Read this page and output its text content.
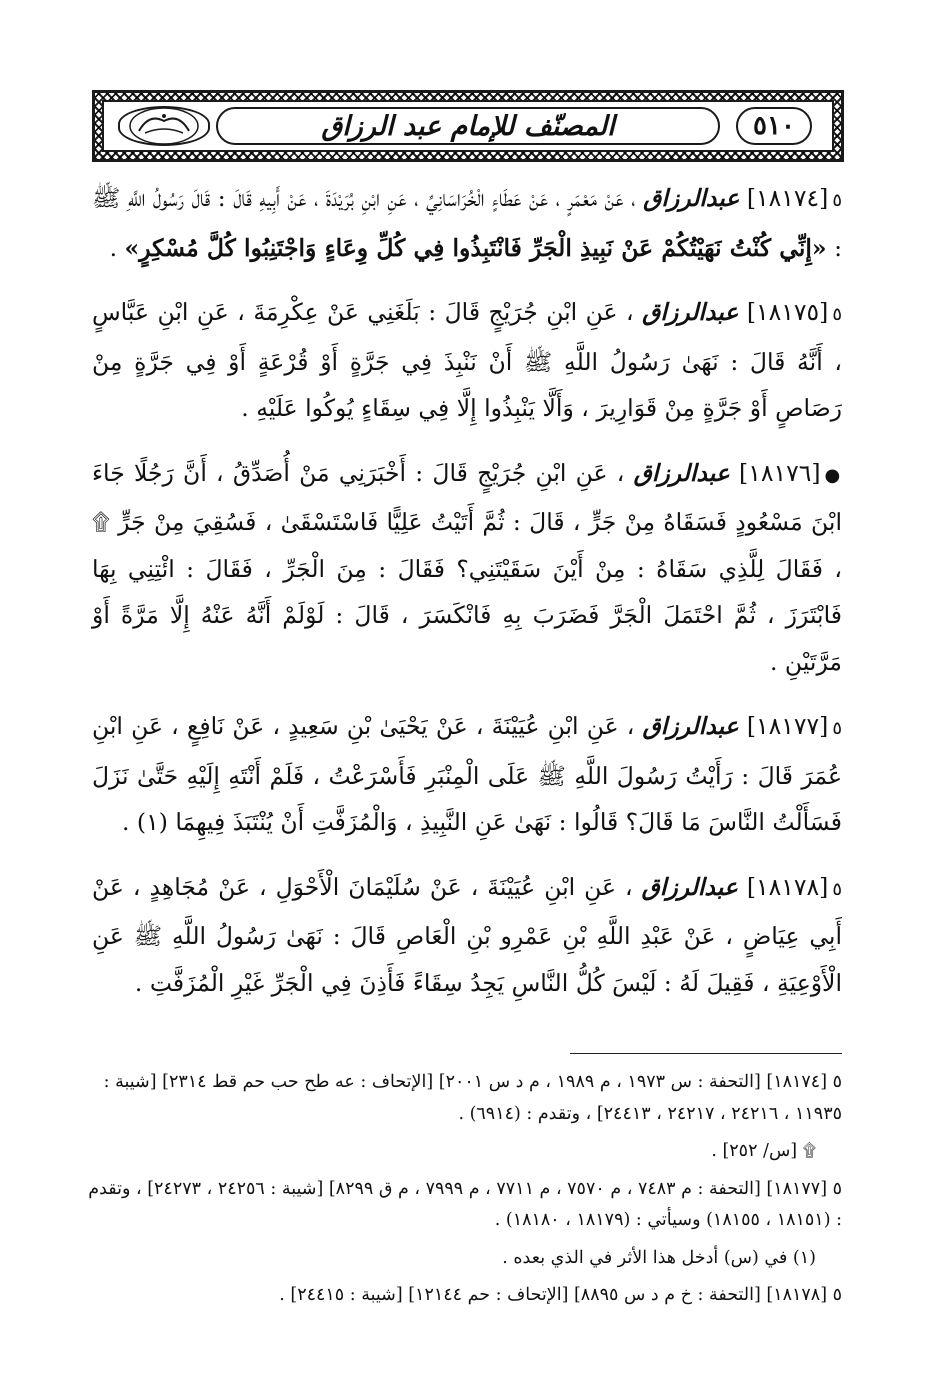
٥١٠
المصنّف للإمام عبد الرزاق

٥[١٨١٧٤] عبدالرزاق ، عَنْ مَعْمَرٍ ، عَنْ عَطَاءٍ الْخُرَاسَانِيِّ ، عَنِ ابْنِ بُرَيْدَةَ ، عَنْ أَبِيهِ قَالَ : قَالَ رَسُولُ اللَّهِ ﷺ : «إِنِّي كُنْتُ نَهَيْتُكُمْ عَنْ نَبِيذِ الْجَرِّ فَانْتَبِذُوا فِي كُلِّ وِعَاءٍ وَاجْتَنِبُوا كُلَّ مُسْكِرٍ» .

٥[١٨١٧٥] عبدالرزاق ، عَنِ ابْنِ جُرَيْجٍ قَالَ : بَلَغَنِي عَنْ عِكْرِمَةَ ، عَنِ ابْنِ عَبَّاسٍ ، أَنَّهُ قَالَ : نَهَىٰ رَسُولُ اللَّهِ ﷺ أَنْ نَنْبِذَ فِي جَرَّةٍ أَوْ قُرْعَةٍ أَوْ فِي جَرَّةٍ مِنْ رَصَاصٍ أَوْ جَرَّةٍ مِنْ قَوَارِيرَ ، وَأَلَّا يَنْبِذُوا إِلَّا فِي سِقَاءٍ يُوكُوا عَلَيْهِ .

●[١٨١٧٦] عبدالرزاق ، عَنِ ابْنِ جُرَيْجٍ قَالَ : أَخْبَرَنِي مَنْ أُصَدِّقُ ، أَنَّ رَجُلًا جَاءَ ابْنَ مَسْعُودٍ فَسَقَاهُ مِنْ جَرٍّ ، قَالَ : ثُمَّ أَتَيْتُ عَلِيًّا فَاسْتَسْقَىٰ ، فَسُقِيَ مِنْ جَرٍّ ۩ ، فَقَالَ لِلَّذِي سَقَاهُ : مِنْ أَيْنَ سَقَيْتَنِي؟ فَقَالَ : مِنَ الْجَرِّ ، فَقَالَ : ائْتِنِي بِهَا فَابْتَرَزَ ، ثُمَّ احْتَمَلَ الْجَرَّ فَضَرَبَ بِهِ فَانْكَسَرَ ، قَالَ : لَوْلَمْ أَنَّهُ عَنْهُ إِلَّا مَرَّةً أَوْ مَرَّتَيْنِ .

٥[١٨١٧٧] عبدالرزاق ، عَنِ ابْنِ عُيَيْنَةَ ، عَنْ يَحْيَىٰ بْنِ سَعِيدٍ ، عَنْ نَافِعٍ ، عَنِ ابْنِ عُمَرَ قَالَ : رَأَيْتُ رَسُولَ اللَّهِ ﷺ عَلَى الْمِنْبَرِ فَأَسْرَعْتُ ، فَلَمْ أَنْتَهِ إِلَيْهِ حَتَّىٰ نَزَلَ فَسَأَلْتُ النَّاسَ مَا قَالَ؟ قَالُوا : نَهَىٰ عَنِ النَّبِيذِ ، وَالْمُزَفَّتِ أَنْ يُنْتَبَذَ فِيهِمَا (١) .

٥[١٨١٧٨] عبدالرزاق ، عَنِ ابْنِ عُيَيْنَةَ ، عَنْ سُلَيْمَانَ الْأَحْوَلِ ، عَنْ مُجَاهِدٍ ، عَنْ أَبِي عِيَاضٍ ، عَنْ عَبْدِ اللَّهِ بْنِ عَمْرِو بْنِ الْعَاصِ قَالَ : نَهَىٰ رَسُولُ اللَّهِ ﷺ عَنِ الْأَوْعِيَةِ ، فَقِيلَ لَهُ : لَيْسَ كُلُّ النَّاسِ يَجِدُ سِقَاءً فَأَذِنَ فِي الْجَرِّ غَيْرِ الْمُزَفَّتِ .

٥ [١٨١٧٤] [التحفة : س ١٩٧٣ ، م ١٩٨٩ ، م د س ٢٠٠١] [الإتحاف : عه طح حب حم قط ٢٣١٤] [شيبة : ١١٩٣٥ ، ٢٤٢١٦ ، ٢٤٢١٧ ، ٢٤٤١٣] ، وتقدم : (٦٩١٤) .

۩ [س/ ٢٥٢] .

٥ [١٨١٧٧] [التحفة : م ٧٤٨٣ ، م ٧٥٧٠ ، م ٧٧١١ ، م ٧٩٩٩ ، م ق ٨٢٩٩] [شيبة : ٢٤٢٥٦ ، ٢٤٢٧٣] ، وتقدم : (١٨١٥١ ، ١٨١٥٥) وسيأتي : (١٨١٧٩ ، ١٨١٨٠) .

(١) في (س) أدخل هذا الأثر في الذي بعده .

٥ [١٨١٧٨] [التحفة : خ م د س ٨٨٩٥] [الإتحاف : حم ١٢١٤٤] [شيبة : ٢٤٤١٥] .
